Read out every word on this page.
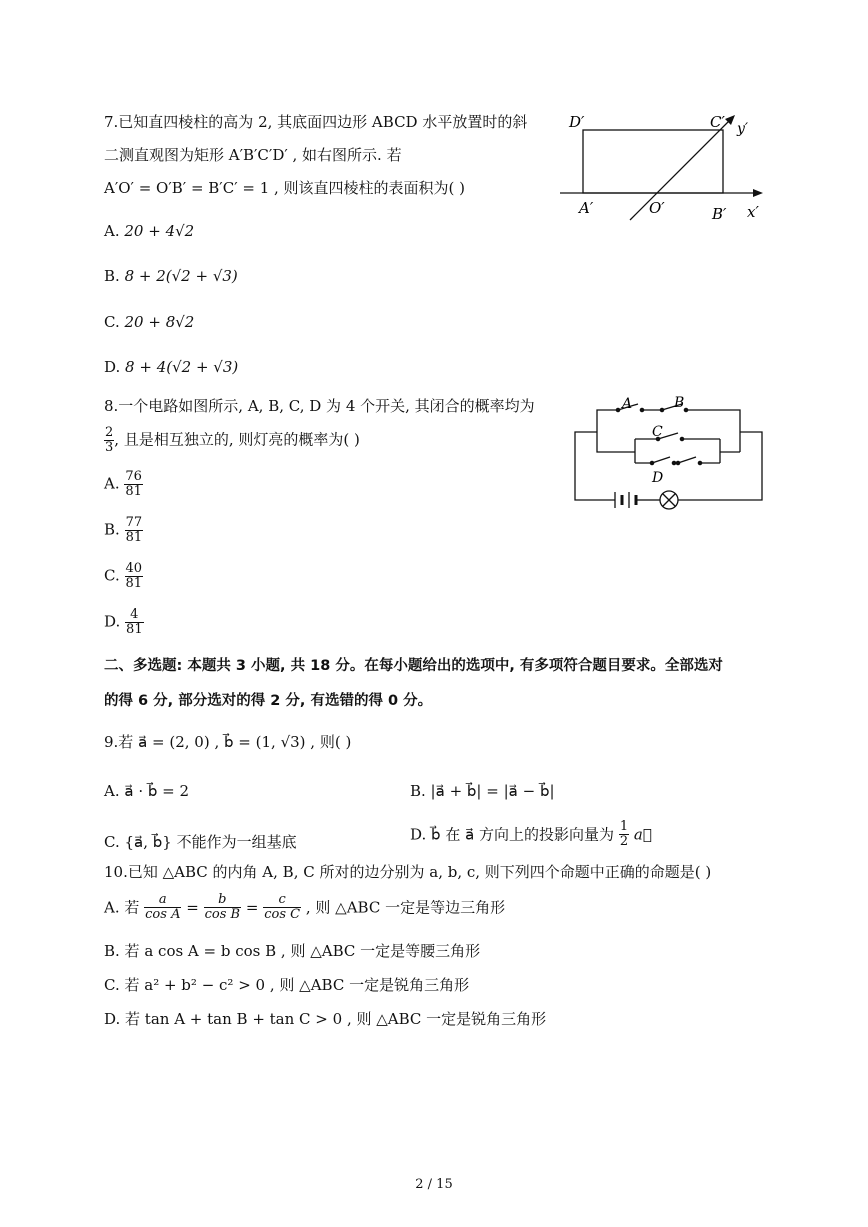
7.已知直四棱柱的高为 2, 其底面四边形 ABCD 水平放置时的斜
二测直观图为矩形 A′B′C′D′ , 如右图所示. 若
A′O′ = O′B′ = B′C′ = 1 , 则该直四棱柱的表面积为( )
A. 20 + 4√2
B. 8 + 2(√2 + √3)
C. 20 + 8√2
D. 8 + 4(√2 + √3)
D′	C′ y′
A′	O′	B′ x′
8.一个电路如图所示, A, B, C, D 为 4 个开关, 其闭合的概率均为
$\frac{2}{3}$ , 且是相互独立的, 则灯亮的概率为( )
A. $\frac{76}{81}$
B. $\frac{77}{81}$
C. $\frac{40}{81}$
D. $\frac{4}{81}$
A	B
C
D
二、多选题: 本题共 3 小题, 共 18 分。在每小题给出的选项中, 有多项符合题目要求。全部选对
的得 6 分, 部分选对的得 2 分, 有选错的得 0 分。
9.若 a⃗ = (2, 0) , b⃗ = (1, √3) , 则( )
A. a⃗ · b⃗ = 2	B. |a⃗ + b⃗| = |a⃗ − b⃗|
C. {a⃗, b⃗} 不能作为一组基底	D. b⃗ 在 a⃗ 方向上的投影向量为 $\frac{1}{2}$ a⃗
10.已知 △ABC 的内角 A, B, C 所对的边分别为 a, b, c, 则下列四个命题中正确的命题是( )
A. 若 $\frac{a}{\text{cos A}} = \frac{b}{\text{cos B}} = \frac{c}{\text{cos C}}$ , 则 △ABC 一定是等边三角形
B. 若 a cos A = b cos B , 则 △ABC 一定是等腰三角形
C. 若 a² + b² − c² > 0 , 则 △ABC 一定是锐角三角形
D. 若 tan A + tan B + tan C > 0 , 则 △ABC 一定是锐角三角形
2 / 15
